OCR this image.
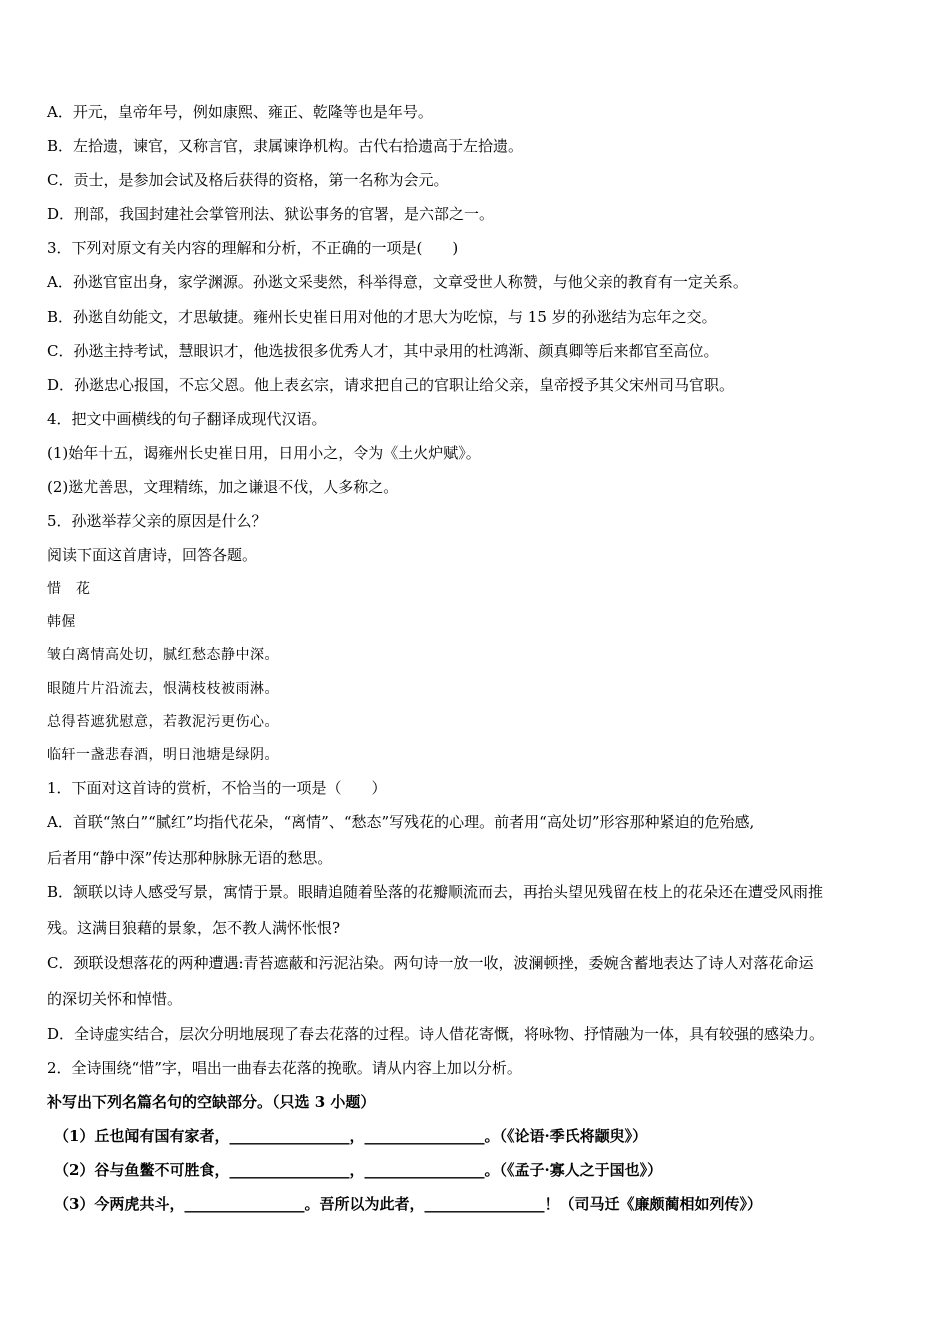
A．开元，皇帝年号，例如康熙、雍正、乾隆等也是年号。
B．左拾遗，谏官，又称言官，隶属谏诤机构。古代右拾遗高于左拾遗。
C．贡士，是参加会试及格后获得的资格，第一名称为会元。
D．刑部，我国封建社会掌管刑法、狱讼事务的官署，是六部之一。
3．下列对原文有关内容的理解和分析，不正确的一项是(　　)
A．孙逖官宦出身，家学渊源。孙逖文采斐然，科举得意，文章受世人称赞，与他父亲的教育有一定关系。
B．孙逖自幼能文，才思敏捷。雍州长史崔日用对他的才思大为吃惊，与 15 岁的孙逖结为忘年之交。
C．孙逖主持考试，慧眼识才，他选拔很多优秀人才，其中录用的杜鸿渐、颜真卿等后来都官至高位。
D．孙逖忠心报国，不忘父恩。他上表玄宗，请求把自己的官职让给父亲，皇帝授予其父宋州司马官职。
4．把文中画横线的句子翻译成现代汉语。
(1)始年十五，谒雍州长史崔日用，日用小之，令为《土火炉赋》。
(2)逖尤善思，文理精练，加之谦退不伐，人多称之。
5．孙逖举荐父亲的原因是什么？
阅读下面这首唐诗，回答各题。
惜　花
韩偓
皱白离情高处切，腻红愁态静中深。
眼随片片沿流去，恨满枝枝被雨淋。
总得苔遮犹慰意，若教泥污更伤心。
临轩一盏悲春酒，明日池塘是绿阴。
1．下面对这首诗的赏析，不恰当的一项是（　　）
A．首联“煞白”“腻红”均指代花朵，“离情”、“愁态”写残花的心理。前者用“高处切”形容那种紧迫的危殆感,
后者用“静中深”传达那种脉脉无语的愁思。
B．颔联以诗人感受写景，寓情于景。眼睛追随着坠落的花瓣顺流而去，再抬头望见残留在枝上的花朵还在遭受风雨推
残。这满目狼藉的景象，怎不教人满怀怅恨?
C．颈联设想落花的两种遭遇:青苔遮蔽和污泥沾染。两句诗一放一收，波澜顿挫，委婉含蓄地表达了诗人对落花命运
的深切关怀和悼惜。
D．全诗虚实结合，层次分明地展现了春去花落的过程。诗人借花寄慨，将咏物、抒情融为一体，具有较强的感染力。
2．全诗围绕“惜”字，唱出一曲春去花落的挽歌。请从内容上加以分析。
补写出下列名篇名句的空缺部分。（只选 3 小题）
（1）丘也闻有国有家者，________________，________________。（《论语·季氏将颛臾》）
（2）谷与鱼鳖不可胜食，________________，________________。（《孟子·寡人之于国也》）
（3）今两虎共斗，________________。吾所以为此者，________________！（司马迁《廉颇蔺相如列传》）
